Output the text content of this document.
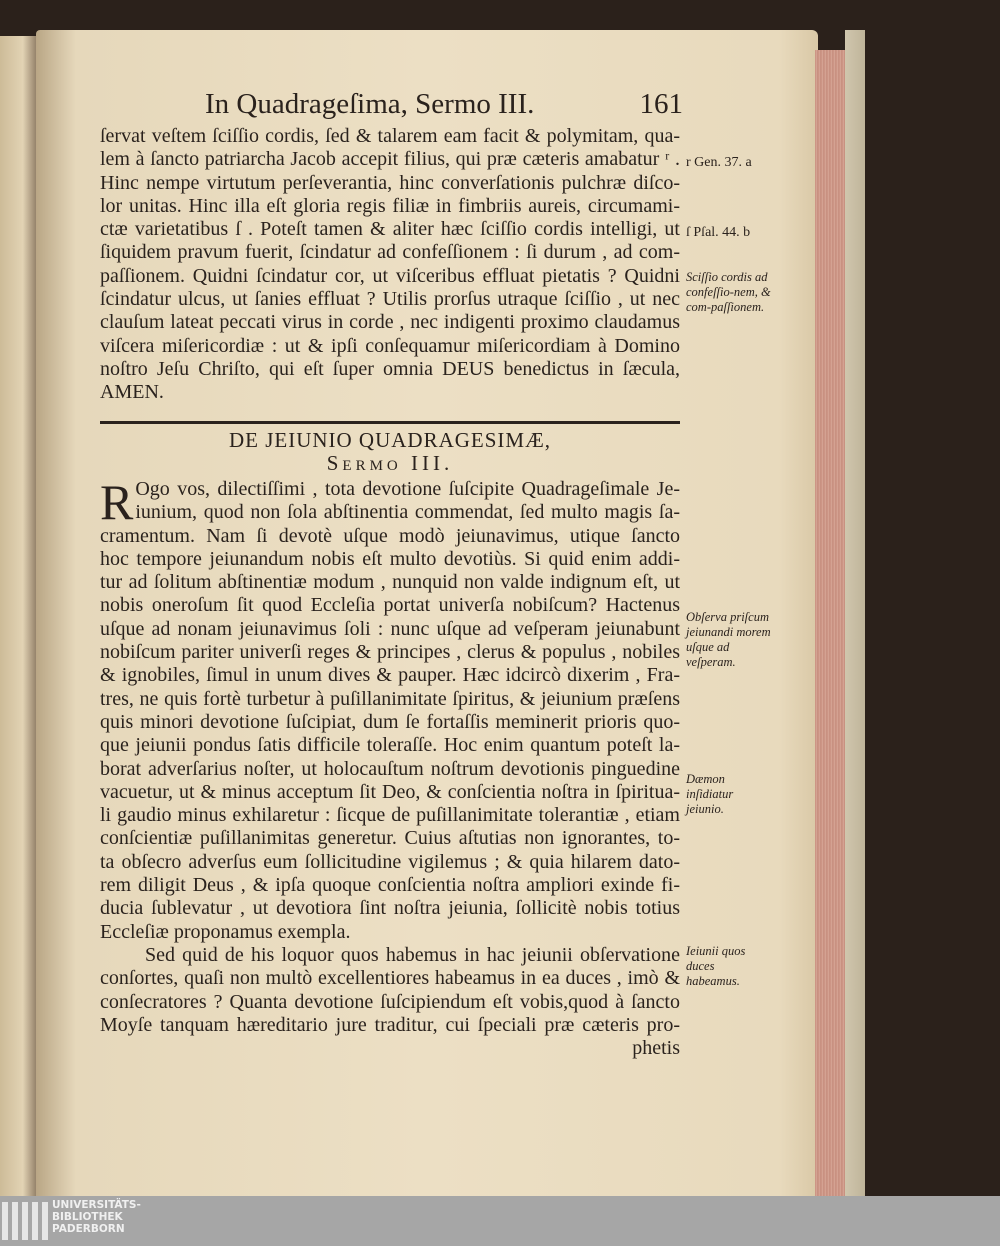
In Quadrageſima, Sermo III.	161
ſervat veſtem ſciſſio cordis, ſed & talarem eam facit & polymitam, qua-
lem à ſancto patriarcha Jacob accepit filius, qui præ cæteris amabatur ʳ .
Hinc nempe virtutum perſeverantia, hinc converſationis pulchræ diſco-
lor unitas. Hinc illa eſt gloria regis filiæ in fimbriis aureis, circumami-
ctæ varietatibus ſ . Poteſt tamen & aliter hæc ſciſſio cordis intelligi, ut
ſiquidem pravum fuerit, ſcindatur ad confeſſionem : ſi durum , ad com-
paſſionem. Quidni ſcindatur cor, ut viſceribus effluat pietatis ? Quidni
ſcindatur ulcus, ut ſanies effluat ? Utilis prorſus utraque ſciſſio , ut nec
clauſum lateat peccati virus in corde , nec indigenti proximo claudamus
viſcera miſericordiæ : ut & ipſi conſequamur miſericordiam à Domino
noſtro Jeſu Chriſto, qui eſt ſuper omnia DEUS benedictus in ſæcula,
AMEN.
DE JEIUNIO QUADRAGESIMÆ,
Sermo III.
R Ogo vos, dilectiſſimi , tota devotione ſuſcipite Quadrageſimale Je-
iunium, quod non ſola abſtinentia commendat, ſed multo magis ſa-
cramentum. Nam ſi devotè uſque modò jeiunavimus, utique ſancto
hoc tempore jeiunandum nobis eſt multo devotiùs. Si quid enim addi-
tur ad ſolitum abſtinentiæ modum , nunquid non valde indignum eſt, ut
nobis oneroſum ſit quod Eccleſia portat univerſa nobiſcum? Hactenus
uſque ad nonam jeiunavimus ſoli : nunc uſque ad veſperam jeiunabunt
nobiſcum pariter univerſi reges & principes , clerus & populus , nobiles
& ignobiles, ſimul in unum dives & pauper. Hæc idcircò dixerim , Fra-
tres, ne quis fortè turbetur à puſillanimitate ſpiritus, & jeiunium præſens
quis minori devotione ſuſcipiat, dum ſe fortaſſis meminerit prioris quo-
que jeiunii pondus ſatis difficile toleraſſe. Hoc enim quantum poteſt la-
borat adverſarius noſter, ut holocauſtum noſtrum devotionis pinguedine
vacuetur, ut & minus acceptum ſit Deo, & conſcientia noſtra in ſpiritua-
li gaudio minus exhilaretur : ſicque de puſillanimitate tolerantiæ , etiam
conſcientiæ puſillanimitas generetur. Cuius aſtutias non ignorantes, to-
ta obſecro adverſus eum ſollicitudine vigilemus ; & quia hilarem dato-
rem diligit Deus , & ipſa quoque conſcientia noſtra ampliori exinde fi-
ducia ſublevatur , ut devotiora ſint noſtra jeiunia, ſollicitè nobis totius
Eccleſiæ proponamus exempla.
Sed quid de his loquor quos habemus in hac jeiunii obſervatione
conſortes, quaſi non multò excellentiores habeamus in ea duces , imò &
conſecratores ? Quanta devotione ſuſcipiendum eſt vobis,quod à ſancto
Moyſe tanquam hæreditario jure traditur, cui ſpeciali præ cæteris pro-
phetis
r Gen. 37. a
ſ Pſal. 44. b
Sciſſio cordis ad confeſſio-nem, & com-paſſionem.
Obſerva priſcum jeiunandi morem uſque ad veſperam.
Dæmon inſidiatur jeiunio.
Ieiunii quos duces habeamus.
UNIVERSITÄTS-
BIBLIOTHEK
PADERBORN
